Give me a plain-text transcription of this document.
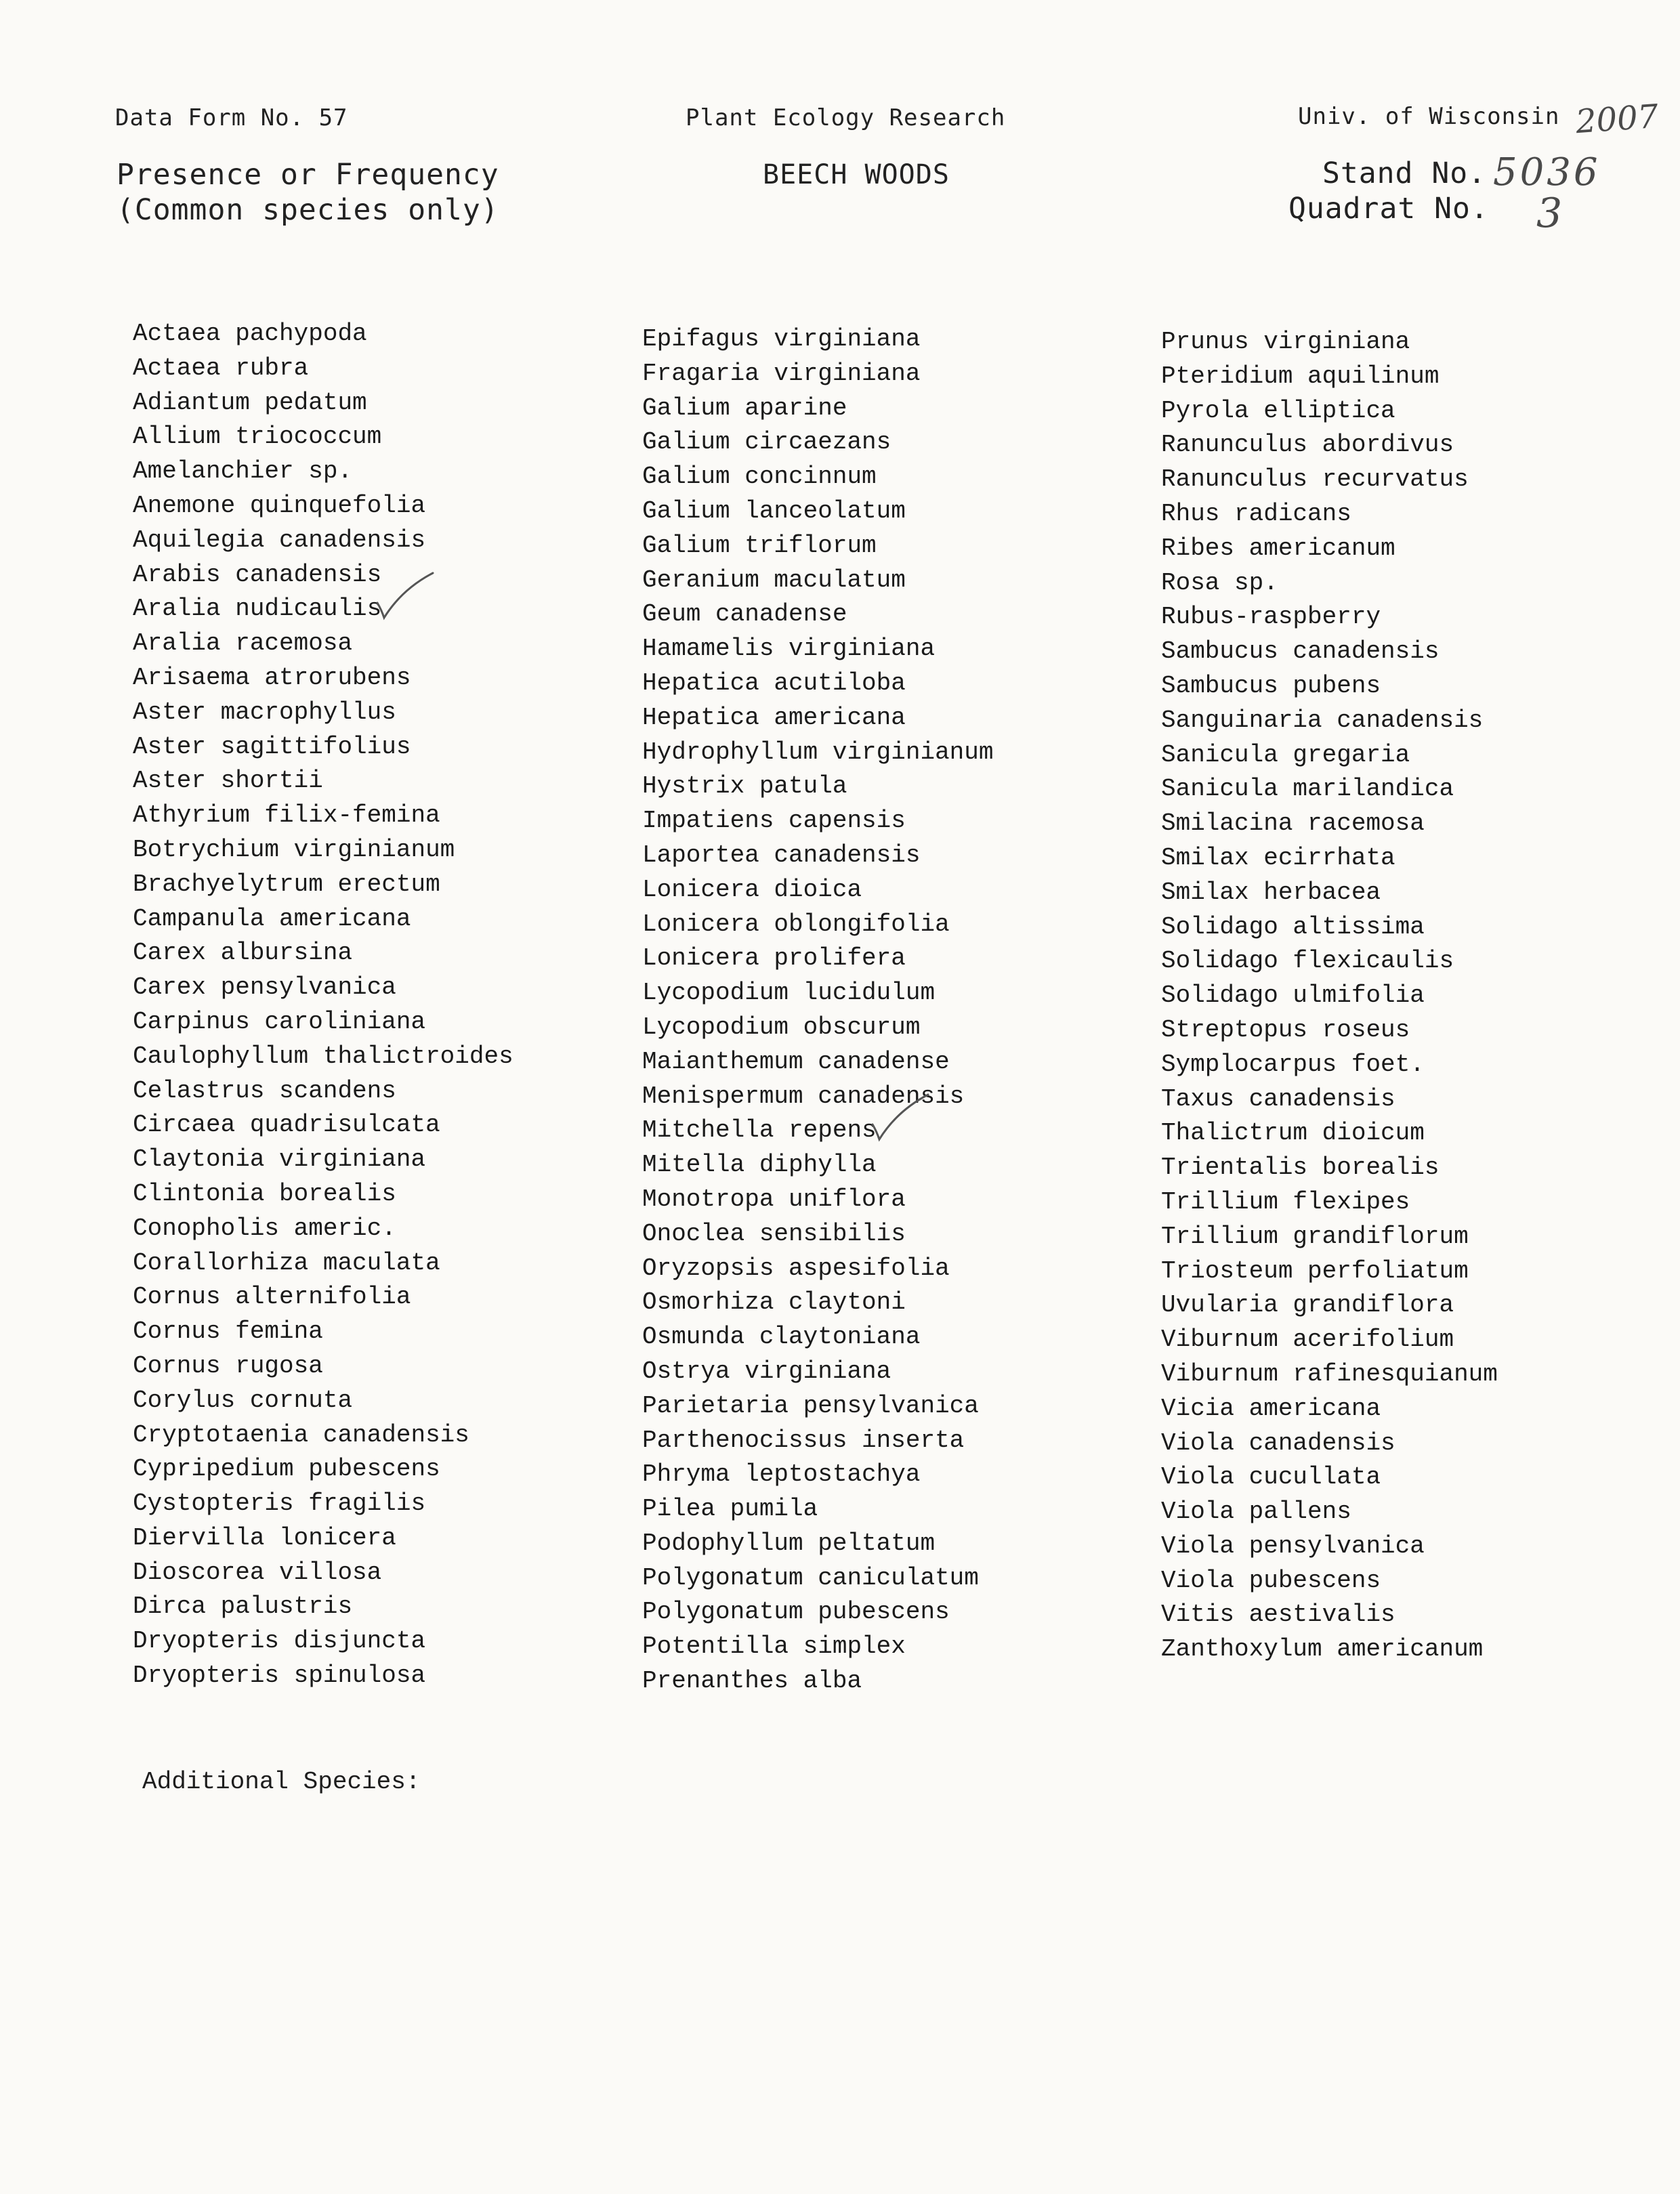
Data Form No. 57	Plant Ecology Research	Univ. of Wisconsin 2007
Presence or Frequency
(Common species only)
BEECH WOODS	Stand No. 5036
Quadrat No. 3
Actaea pachypoda
Actaea rubra
Adiantum pedatum
Allium triococcum
Amelanchier sp.
Anemone quinquefolia
Aquilegia canadensis
Arabis canadensis
Aralia nudicaulis
Aralia racemosa
Arisaema atrorubens
Aster macrophyllus
Aster sagittifolius
Aster shortii
Athyrium filix-femina
Botrychium virginianum
Brachyelytrum erectum
Campanula americana
Carex albursina
Carex pensylvanica
Carpinus caroliniana
Caulophyllum thalictroides
Celastrus scandens
Circaea quadrisulcata
Claytonia virginiana
Clintonia borealis
Conopholis americ.
Corallorhiza maculata
Cornus alternifolia
Cornus femina
Cornus rugosa
Corylus cornuta
Cryptotaenia canadensis
Cypripedium pubescens
Cystopteris fragilis
Diervilla lonicera
Dioscorea villosa
Dirca palustris
Dryopteris disjuncta
Dryopteris spinulosa
Epifagus virginiana
Fragaria virginiana
Galium aparine
Galium circaezans
Galium concinnum
Galium lanceolatum
Galium triflorum
Geranium maculatum
Geum canadense
Hamamelis virginiana
Hepatica acutiloba
Hepatica americana
Hydrophyllum virginianum
Hystrix patula
Impatiens capensis
Laportea canadensis
Lonicera dioica
Lonicera oblongifolia
Lonicera prolifera
Lycopodium lucidulum
Lycopodium obscurum
Maianthemum canadense
Menispermum canadensis
Mitchella repens
Mitella diphylla
Monotropa uniflora
Onoclea sensibilis
Oryzopsis aspesifolia
Osmorhiza claytoni
Osmunda claytoniana
Ostrya virginiana
Parietaria pensylvanica
Parthenocissus inserta
Phryma leptostachya
Pilea pumila
Podophyllum peltatum
Polygonatum caniculatum
Polygonatum pubescens
Potentilla simplex
Prenanthes alba
Prunus virginiana
Pteridium aquilinum
Pyrola elliptica
Ranunculus abordivus
Ranunculus recurvatus
Rhus radicans
Ribes americanum
Rosa sp.
Rubus-raspberry
Sambucus canadensis
Sambucus pubens
Sanguinaria canadensis
Sanicula gregaria
Sanicula marilandica
Smilacina racemosa
Smilax ecirrhata
Smilax herbacea
Solidago altissima
Solidago flexicaulis
Solidago ulmifolia
Streptopus roseus
Symplocarpus foet.
Taxus canadensis
Thalictrum dioicum
Trientalis borealis
Trillium flexipes
Trillium grandiflorum
Triosteum perfoliatum
Uvularia grandiflora
Viburnum acerifolium
Viburnum rafinesquianum
Vicia americana
Viola canadensis
Viola cucullata
Viola pallens
Viola pensylvanica
Viola pubescens
Vitis aestivalis
Zanthoxylum americanum
Additional Species:
